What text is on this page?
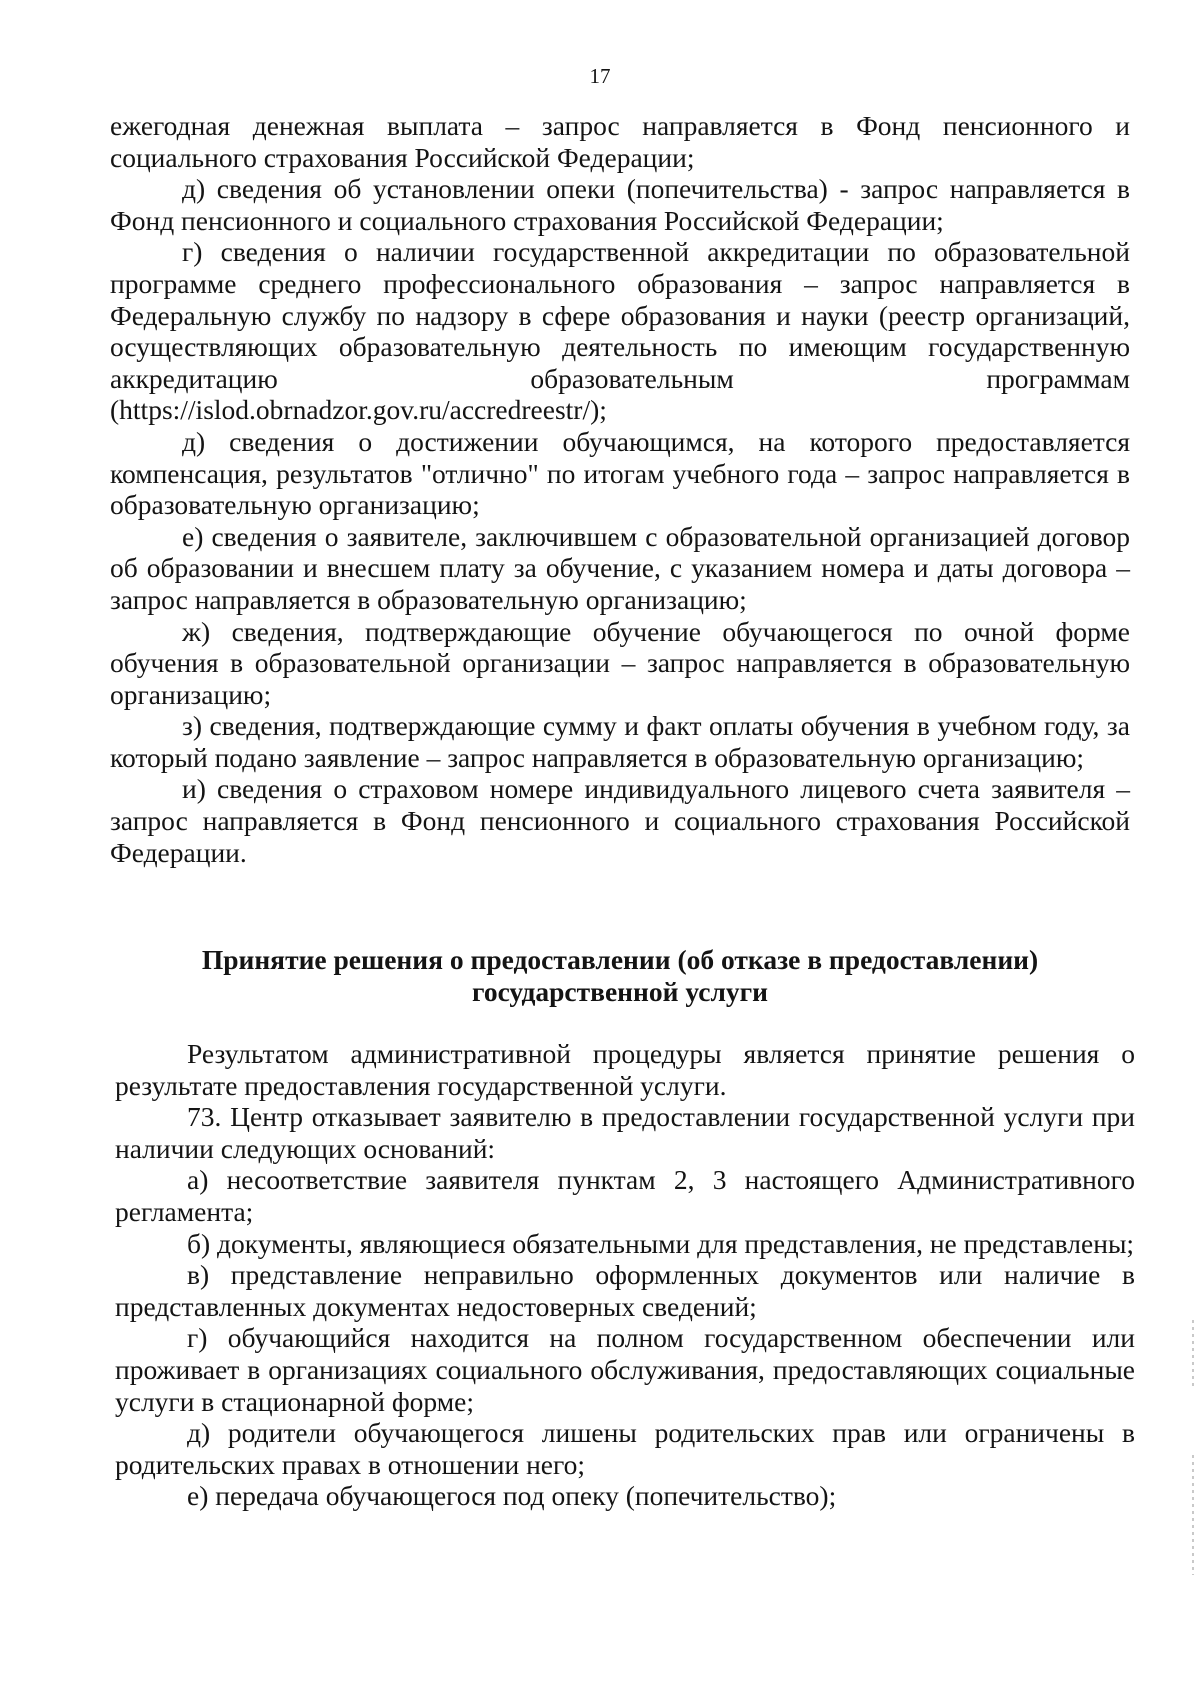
17

ежегодная денежная выплата – запрос направляется в Фонд пенсионного и социального страхования Российской Федерации;

д) сведения об установлении опеки (попечительства) - запрос направляется в Фонд пенсионного и социального страхования Российской Федерации;

г) сведения о наличии государственной аккредитации по образовательной программе среднего профессионального образования – запрос направляется в Федеральную службу по надзору в сфере образования и науки (реестр организаций, осуществляющих образовательную деятельность по имеющим государственную аккредитацию образовательным программам (https://islod.obrnadzor.gov.ru/accredreestr/);

д) сведения о достижении обучающимся, на которого предоставляется компенсация, результатов "отлично" по итогам учебного года – запрос направляется в образовательную организацию;

е) сведения о заявителе, заключившем с образовательной организацией договор об образовании и внесшем плату за обучение, с указанием номера и даты договора – запрос направляется в образовательную организацию;

ж) сведения, подтверждающие обучение обучающегося по очной форме обучения в образовательной организации – запрос направляется в образовательную организацию;

з) сведения, подтверждающие сумму и факт оплаты обучения в учебном году, за который подано заявление – запрос направляется в образовательную организацию;

и) сведения о страховом номере индивидуального лицевого счета заявителя – запрос направляется в Фонд пенсионного и социального страхования Российской Федерации.

Принятие решения о предоставлении (об отказе в предоставлении)
государственной услуги

Результатом административной процедуры является принятие решения о результате предоставления государственной услуги.

73. Центр отказывает заявителю в предоставлении государственной услуги при наличии следующих оснований:

а) несоответствие заявителя пунктам 2, 3 настоящего Административного регламента;

б) документы, являющиеся обязательными для представления, не представлены;

в) представление неправильно оформленных документов или наличие в представленных документах недостоверных сведений;

г) обучающийся находится на полном государственном обеспечении или проживает в организациях социального обслуживания, предоставляющих социальные услуги в стационарной форме;

д) родители обучающегося лишены родительских прав или ограничены в родительских правах в отношении него;

е) передача обучающегося под опеку (попечительство);
